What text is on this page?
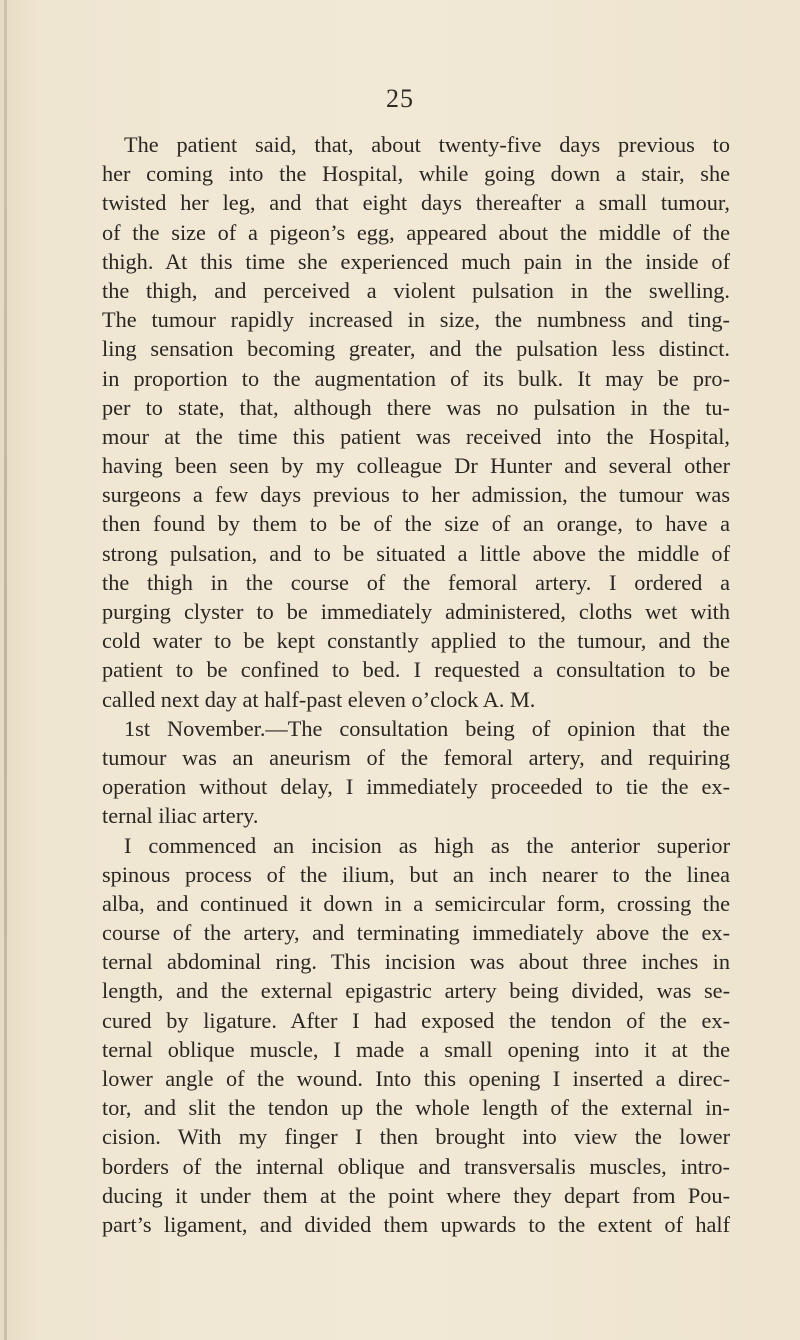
25
The patient said, that, about twenty-five days previous to
her coming into the Hospital, while going down a stair, she
twisted her leg, and that eight days thereafter a small tumour,
of the size of a pigeon’s egg, appeared about the middle of the
thigh. At this time she experienced much pain in the inside of
the thigh, and perceived a violent pulsation in the swelling.
The tumour rapidly increased in size, the numbness and ting-
ling sensation becoming greater, and the pulsation less distinct.
in proportion to the augmentation of its bulk. It may be pro-
per to state, that, although there was no pulsation in the tu-
mour at the time this patient was received into the Hospital,
having been seen by my colleague Dr Hunter and several other
surgeons a few days previous to her admission, the tumour was
then found by them to be of the size of an orange, to have a
strong pulsation, and to be situated a little above the middle of
the thigh in the course of the femoral artery. I ordered a
purging clyster to be immediately administered, cloths wet with
cold water to be kept constantly applied to the tumour, and the
patient to be confined to bed. I requested a consultation to be
called next day at half-past eleven o’clock A. M.
1st November.—The consultation being of opinion that the
tumour was an aneurism of the femoral artery, and requiring
operation without delay, I immediately proceeded to tie the ex-
ternal iliac artery.
I commenced an incision as high as the anterior superior
spinous process of the ilium, but an inch nearer to the linea
alba, and continued it down in a semicircular form, crossing the
course of the artery, and terminating immediately above the ex-
ternal abdominal ring. This incision was about three inches in
length, and the external epigastric artery being divided, was se-
cured by ligature. After I had exposed the tendon of the ex-
ternal oblique muscle, I made a small opening into it at the
lower angle of the wound. Into this opening I inserted a direc-
tor, and slit the tendon up the whole length of the external in-
cision. With my finger I then brought into view the lower
borders of the internal oblique and transversalis muscles, intro-
ducing it under them at the point where they depart from Pou-
part’s ligament, and divided them upwards to the extent of half
